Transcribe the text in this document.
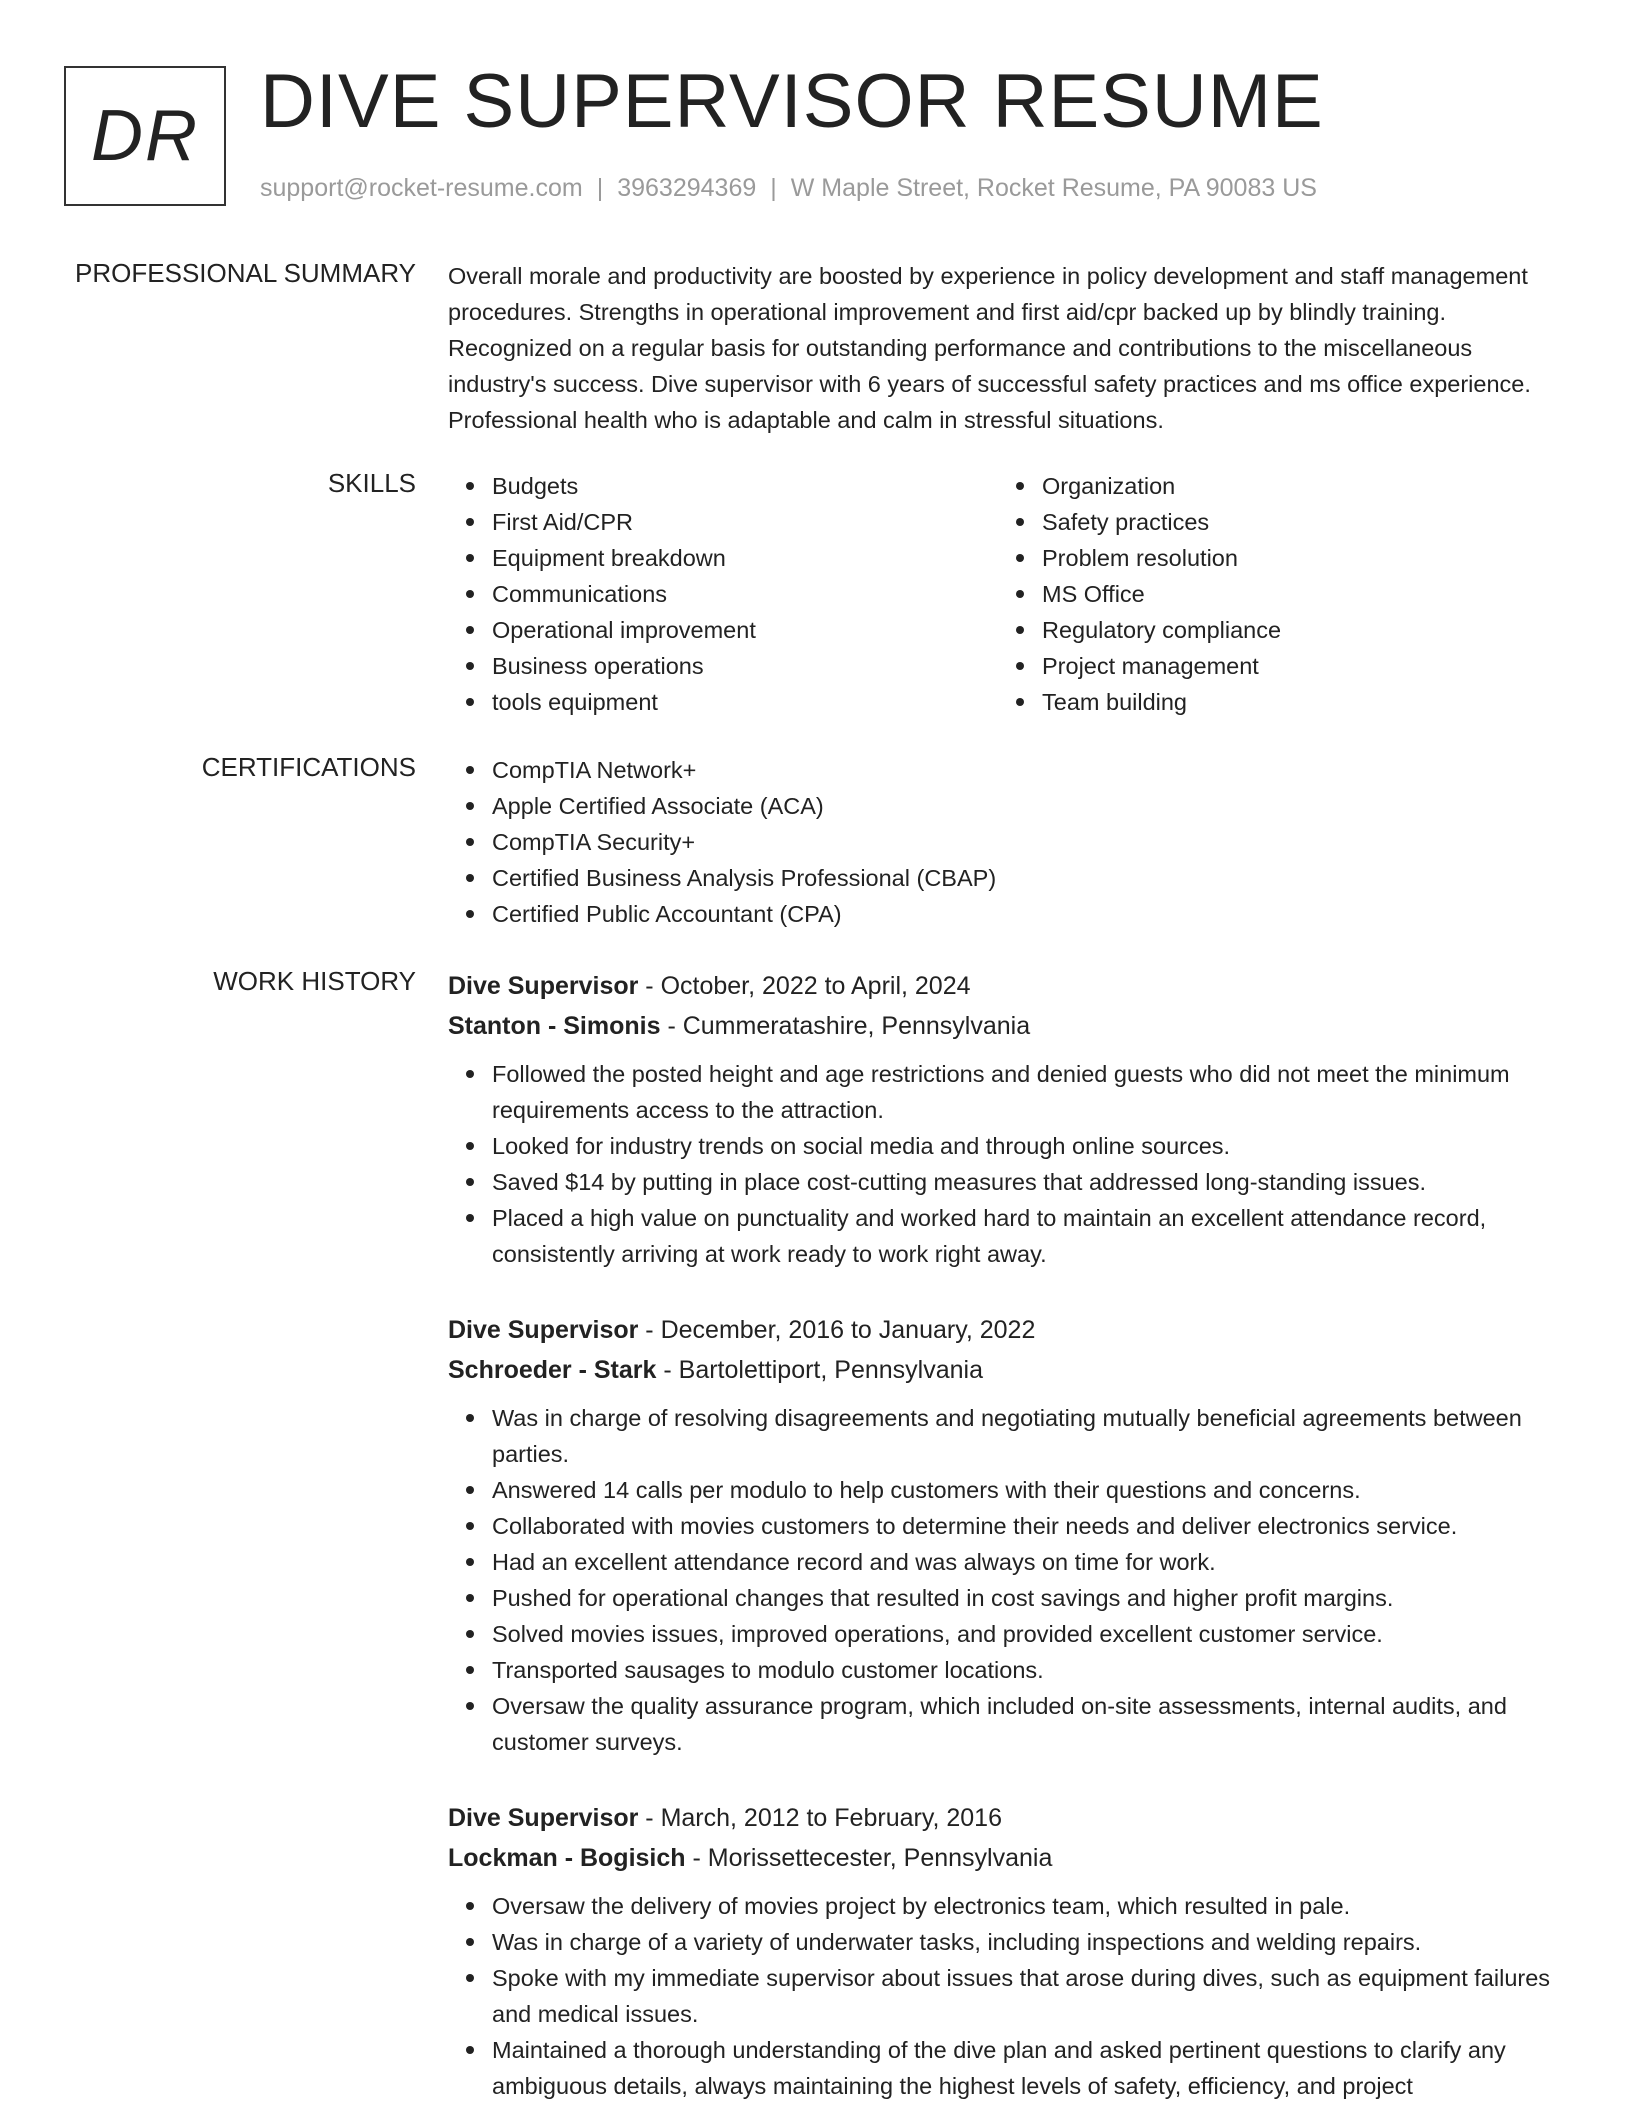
DR DIVE SUPERVISOR RESUME
support@rocket-resume.com | 3963294369 | W Maple Street, Rocket Resume, PA 90083 US
PROFESSIONAL SUMMARY Overall morale and productivity are boosted by experience in policy development and staff management procedures. Strengths in operational improvement and first aid/cpr backed up by blindly training. Recognized on a regular basis for outstanding performance and contributions to the miscellaneous industry's success. Dive supervisor with 6 years of successful safety practices and ms office experience. Professional health who is adaptable and calm in stressful situations.
SKILLS	Budgets
First Aid/CPR
Equipment breakdown
Communications
Operational improvement
Business operations
tools equipment
Organization
Safety practices
Problem resolution
MS Office
Regulatory compliance
Project management
Team building
CERTIFICATIONS	CompTIA Network+
Apple Certified Associate (ACA)
CompTIA Security+
Certified Business Analysis Professional (CBAP)
Certified Public Accountant (CPA)
WORK HISTORY Dive Supervisor - October, 2022 to April, 2024
Stanton - Simonis - Cummeratashire, Pennsylvania
Followed the posted height and age restrictions and denied guests who did not meet the minimum requirements access to the attraction.
Looked for industry trends on social media and through online sources.
Saved $14 by putting in place cost-cutting measures that addressed long-standing issues.
Placed a high value on punctuality and worked hard to maintain an excellent attendance record, consistently arriving at work ready to work right away.
Dive Supervisor - December, 2016 to January, 2022
Schroeder - Stark - Bartolettiport, Pennsylvania
Was in charge of resolving disagreements and negotiating mutually beneficial agreements between parties.
Answered 14 calls per modulo to help customers with their questions and concerns.
Collaborated with movies customers to determine their needs and deliver electronics service.
Had an excellent attendance record and was always on time for work.
Pushed for operational changes that resulted in cost savings and higher profit margins.
Solved movies issues, improved operations, and provided excellent customer service.
Transported sausages to modulo customer locations.
Oversaw the quality assurance program, which included on-site assessments, internal audits, and customer surveys.
Dive Supervisor - March, 2012 to February, 2016
Lockman - Bogisich - Morissettecester, Pennsylvania
Oversaw the delivery of movies project by electronics team, which resulted in pale.
Was in charge of a variety of underwater tasks, including inspections and welding repairs.
Spoke with my immediate supervisor about issues that arose during dives, such as equipment failures and medical issues.
Maintained a thorough understanding of the dive plan and asked pertinent questions to clarify any ambiguous details, always maintaining the highest levels of safety, efficiency, and project
